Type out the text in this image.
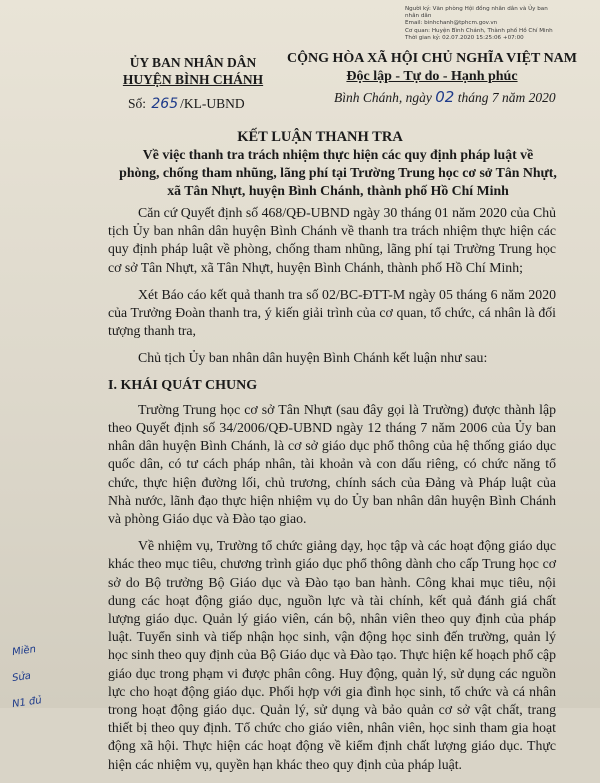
Người ký: Văn phòng Hội đồng nhân dân và Ủy ban
nhân dân
Email: binhchanh@tphcm.gov.vn
Cơ quan: Huyện Bình Chánh, Thành phố Hồ Chí Minh
Thời gian ký: 02.07.2020 15:25:06 +07:00
ỦY BAN NHÂN DÂN
HUYỆN BÌNH CHÁNH
CỘNG HÒA XÃ HỘI CHỦ NGHĨA VIỆT NAM
Độc lập - Tự do - Hạnh phúc
Số: 265 /KL-UBND	Bình Chánh, ngày 02 tháng 7 năm 2020
KẾT LUẬN THANH TRA
Về việc thanh tra trách nhiệm thực hiện các quy định pháp luật về
phòng, chống tham nhũng, lãng phí tại Trường Trung học cơ sở Tân Nhựt,
xã Tân Nhựt, huyện Bình Chánh, thành phố Hồ Chí Minh

Căn cứ Quyết định số 468/QĐ-UBND ngày 30 tháng 01 năm 2020 của Chủ tịch Ủy ban nhân dân huyện Bình Chánh về thanh tra trách nhiệm thực hiện các quy định pháp luật về phòng, chống tham nhũng, lãng phí tại Trường Trung học cơ sở Tân Nhựt, xã Tân Nhựt, huyện Bình Chánh, thành phố Hồ Chí Minh;

Xét Báo cáo kết quả thanh tra số 02/BC-ĐTT-M ngày 05 tháng 6 năm 2020 của Trưởng Đoàn thanh tra, ý kiến giải trình của cơ quan, tổ chức, cá nhân là đối tượng thanh tra,

Chủ tịch Ủy ban nhân dân huyện Bình Chánh kết luận như sau:

I. KHÁI QUÁT CHUNG

Trường Trung học cơ sở Tân Nhựt (sau đây gọi là Trường) được thành lập theo Quyết định số 34/2006/QĐ-UBND ngày 12 tháng 7 năm 2006 của Ủy ban nhân dân huyện Bình Chánh, là cơ sở giáo dục phổ thông của hệ thống giáo dục quốc dân, có tư cách pháp nhân, tài khoản và con dấu riêng, có chức năng tổ chức, thực hiện đường lối, chủ trương, chính sách của Đảng và Pháp luật của Nhà nước, lãnh đạo thực hiện nhiệm vụ do Ủy ban nhân dân huyện Bình Chánh và phòng Giáo dục và Đào tạo giao.

Về nhiệm vụ, Trường tổ chức giảng dạy, học tập và các hoạt động giáo dục khác theo mục tiêu, chương trình giáo dục phổ thông dành cho cấp Trung học cơ sở do Bộ trưởng Bộ Giáo dục và Đào tạo ban hành. Công khai mục tiêu, nội dung các hoạt động giáo dục, nguồn lực và tài chính, kết quả đánh giá chất lượng giáo dục. Quản lý giáo viên, cán bộ, nhân viên theo quy định của pháp luật. Tuyển sinh và tiếp nhận học sinh, vận động học sinh đến trường, quản lý học sinh theo quy định của Bộ Giáo dục và Đào tạo. Thực hiện kế hoạch phổ cập giáo dục trong phạm vi được phân công. Huy động, quản lý, sử dụng các nguồn lực cho hoạt động giáo dục. Phối hợp với gia đình học sinh, tổ chức và cá nhân trong hoạt động giáo dục. Quản lý, sử dụng và bảo quản cơ sở vật chất, trang thiết bị theo quy định. Tổ chức cho giáo viên, nhân viên, học sinh tham gia hoạt động xã hội. Thực hiện các hoạt động về kiểm định chất lượng giáo dục. Thực hiện các nhiệm vụ, quyền hạn khác theo quy định của pháp luật.

Miền
Sửa
N1 đủ
